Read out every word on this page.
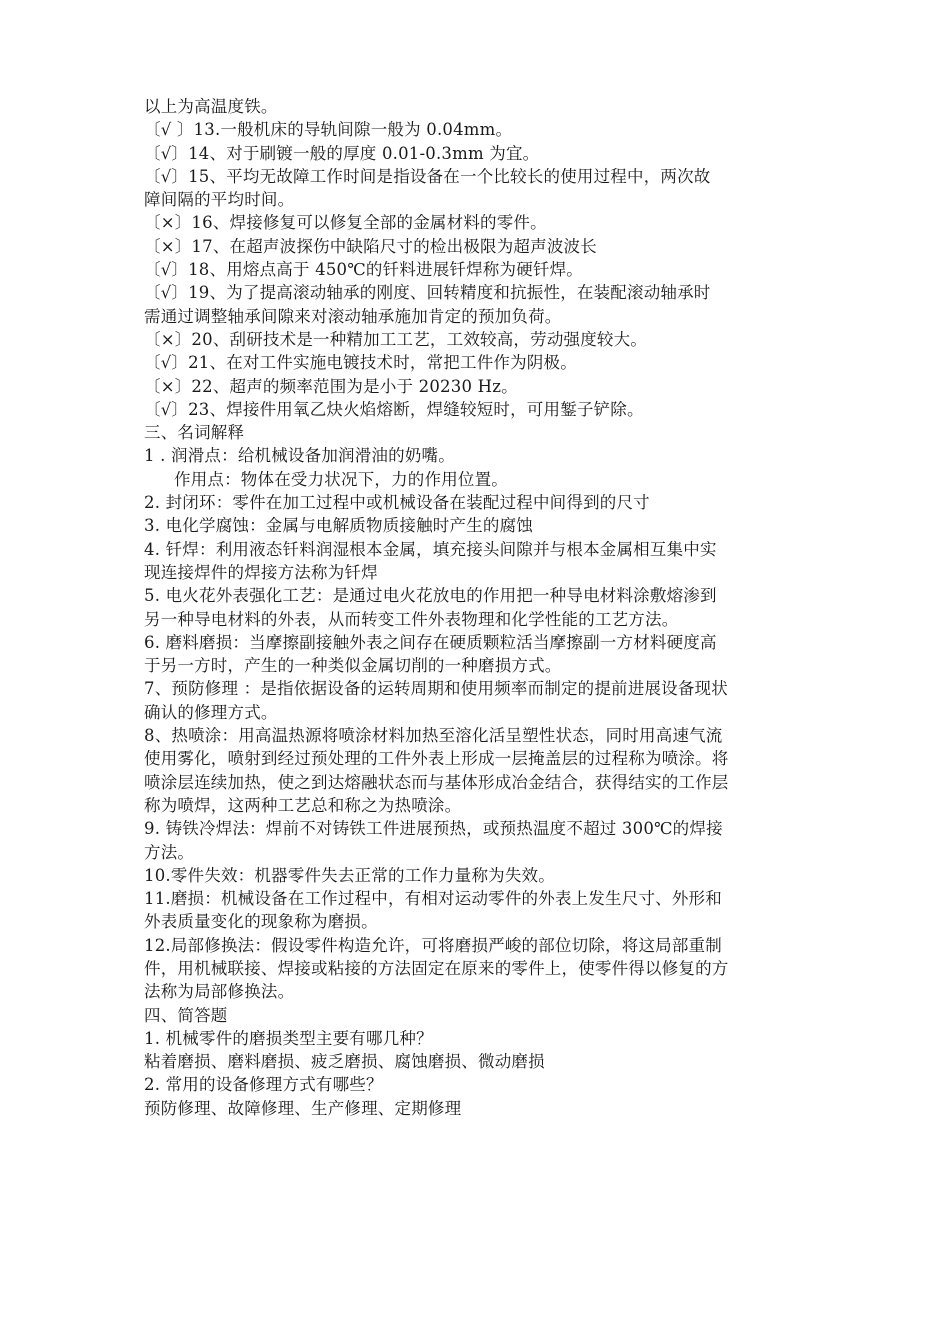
以上为高温度铁。
〔√ 〕13.一般机床的导轨间隙一般为 0.04mm。
〔√〕14、对于刷镀一般的厚度 0.01-0.3mm 为宜。
〔√〕15、平均无故障工作时间是指设备在一个比较长的使用过程中，两次故
障间隔的平均时间。
〔×〕16、焊接修复可以修复全部的金属材料的零件。
〔×〕17、在超声波探伤中缺陷尺寸的检出极限为超声波波长
〔√〕18、用熔点高于 450℃的钎料进展钎焊称为硬钎焊。
〔√〕19、为了提高滚动轴承的刚度、回转精度和抗振性，在装配滚动轴承时
需通过调整轴承间隙来对滚动轴承施加肯定的预加负荷。
〔×〕20、刮研技术是一种精加工工艺，工效较高，劳动强度较大。
〔√〕21、在对工件实施电镀技术时，常把工件作为阴极。
〔×〕22、超声的频率范围为是小于 20230 Hz。
〔√〕23、焊接件用氧乙炔火焰熔断，焊缝较短时，可用錾子铲除。
三、名词解释
1 . 润滑点：给机械设备加润滑油的奶嘴。
作用点：物体在受力状况下，力的作用位置。
2. 封闭环：零件在加工过程中或机械设备在装配过程中间得到的尺寸
3. 电化学腐蚀：金属与电解质物质接触时产生的腐蚀
4. 钎焊：利用液态钎料润湿根本金属，填充接头间隙并与根本金属相互集中实
现连接焊件的焊接方法称为钎焊
5. 电火花外表强化工艺：是通过电火花放电的作用把一种导电材料涂敷熔渗到
另一种导电材料的外表，从而转变工件外表物理和化学性能的工艺方法。
6. 磨料磨损：当摩擦副接触外表之间存在硬质颗粒活当摩擦副一方材料硬度高
于另一方时，产生的一种类似金属切削的一种磨损方式。
7、预防修理 ：是指依据设备的运转周期和使用频率而制定的提前进展设备现状
确认的修理方式。
8、热喷涂：用高温热源将喷涂材料加热至溶化活呈塑性状态，同时用高速气流
使用雾化，喷射到经过预处理的工件外表上形成一层掩盖层的过程称为喷涂。将
喷涂层连续加热，使之到达熔融状态而与基体形成冶金结合，获得结实的工作层
称为喷焊，这两种工艺总和称之为热喷涂。
9. 铸铁冷焊法：焊前不对铸铁工件进展预热，或预热温度不超过 300℃的焊接
方法。
10.零件失效：机器零件失去正常的工作力量称为失效。
11.磨损：机械设备在工作过程中，有相对运动零件的外表上发生尺寸、外形和
外表质量变化的现象称为磨损。
12.局部修换法：假设零件构造允许，可将磨损严峻的部位切除，将这局部重制
件，用机械联接、焊接或粘接的方法固定在原来的零件上，使零件得以修复的方
法称为局部修换法。
四、简答题
1. 机械零件的磨损类型主要有哪几种？
粘着磨损、磨料磨损、疲乏磨损、腐蚀磨损、微动磨损
2. 常用的设备修理方式有哪些？
预防修理、故障修理、生产修理、定期修理
